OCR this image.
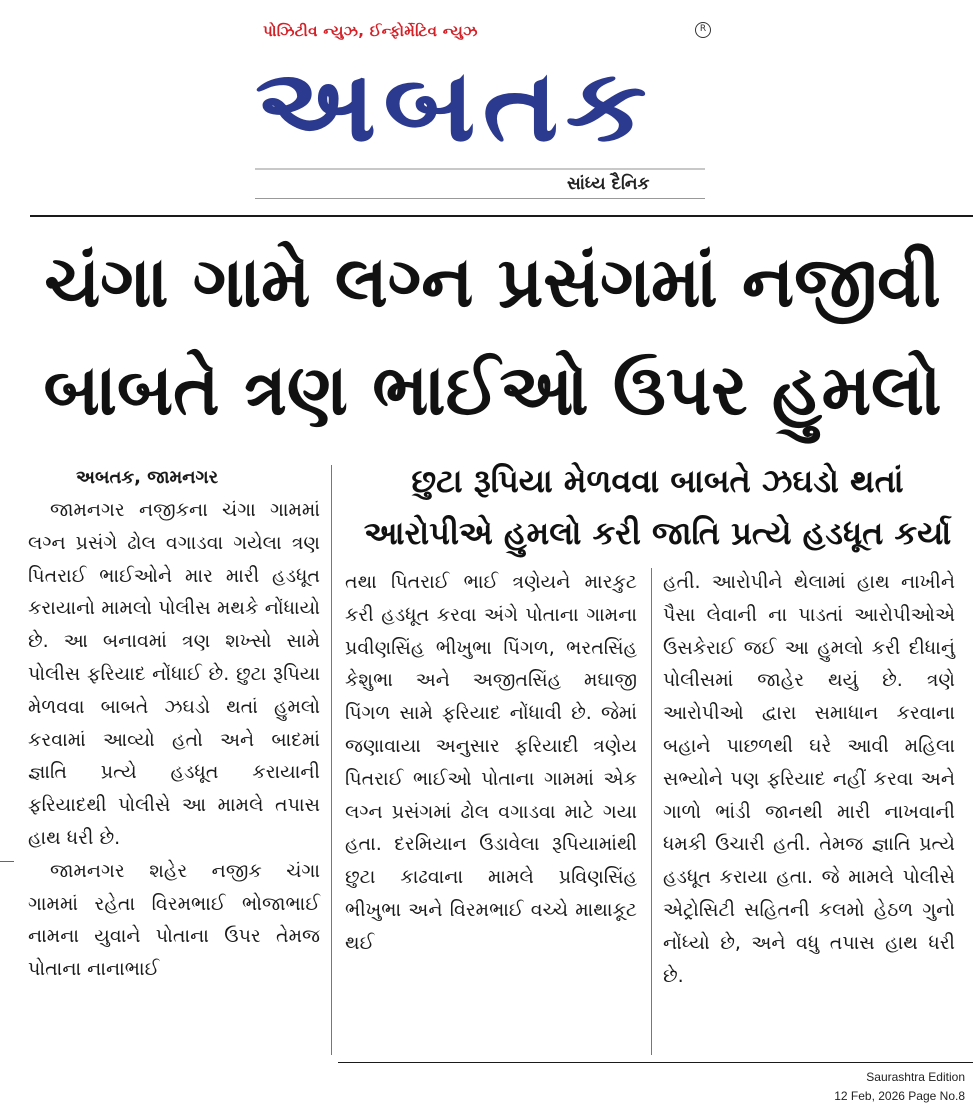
પોઝિટીવ ન્યુઝ, ઈન્ફોર્મેટિવ ન્યુઝ	R
અબતક
સાંધ્ય દૈનિક
ચંગા ગામે લગ્ન પ્રસંગમાં નજીવી બાબતે ત્રણ ભાઈઓ ઉપર હુમલો
છુટા રૂપિયા મેળવવા બાબતે ઝઘડો થતાં આરોપીએ હુમલો કરી જાતિ પ્રત્યે હડધૂત કર્યા

અબતક, જામનગર

જામનગર નજીકના ચંગા ગામમાં લગ્ન પ્રસંગે ઢોલ વગાડવા ગયેલા ત્રણ પિતરાઈ ભાઈઓને માર મારી હડધૂત કરાયાનો મામલો પોલીસ મથકે નોંધાયો છે. આ બનાવમાં ત્રણ શખ્સો સામે પોલીસ ફરિયાદ નોંધાઈ છે. છુટા રૂપિયા મેળવવા બાબતે ઝઘડો થતાં હુમલો કરવામાં આવ્યો હતો અને બાદમાં જ્ઞાતિ પ્રત્યે હડધૂત કરાયાની ફરિયાદથી પોલીસે આ મામલે તપાસ હાથ ધરી છે.

જામનગર શહેર નજીક ચંગા ગામમાં રહેતા વિરમભાઈ ભોજાભાઈ નામના યુવાને પોતાના ઉપર તેમજ પોતાના નાનાભાઈ

તથા પિતરાઈ ભાઈ ત્રણેયને મારકુટ કરી હડધૂત કરવા અંગે પોતાના ગામના પ્રવીણસિંહ ભીખુભા પિંગળ, ભરતસિંહ કેશુભા અને અજીતસિંહ મઘાજી પિંગળ સામે ફરિયાદ નોંધાવી છે. જેમાં જણાવાયા અનુસાર ફરિયાદી ત્રણેય પિતરાઈ ભાઈઓ પોતાના ગામમાં એક લગ્ન પ્રસંગમાં ઢોલ વગાડવા માટે ગયા હતા. દરમિયાન ઉડાવેલા રૂપિયામાંથી છુટા કાઢવાના મામલે પ્રવિણસિંહ ભીખુભા અને વિરમભાઈ વચ્ચે માથાકૂટ થઈ

હતી. આરોપીને થેલામાં હાથ નાખીને પૈસા લેવાની ના પાડતાં આરોપીઓએ ઉસકેરાઈ જઈ આ હુમલો કરી દીધાનું પોલીસમાં જાહેર થયું છે. ત્રણે આરોપીઓ દ્વારા સમાધાન કરવાના બહાને પાછળથી ઘરે આવી મહિલા સભ્યોને પણ ફરિયાદ નહીં કરવા અને ગાળો ભાંડી જાનથી મારી નાખવાની ધમકી ઉચારી હતી. તેમજ જ્ઞાતિ પ્રત્યે હડધૂત કરાયા હતા. જે મામલે પોલીસે એટ્રોસિટી સહિતની કલમો હેઠળ ગુનો નોંધ્યો છે, અને વધુ તપાસ હાથ ધરી છે.

Saurashtra Edition
12 Feb, 2026 Page No.8
